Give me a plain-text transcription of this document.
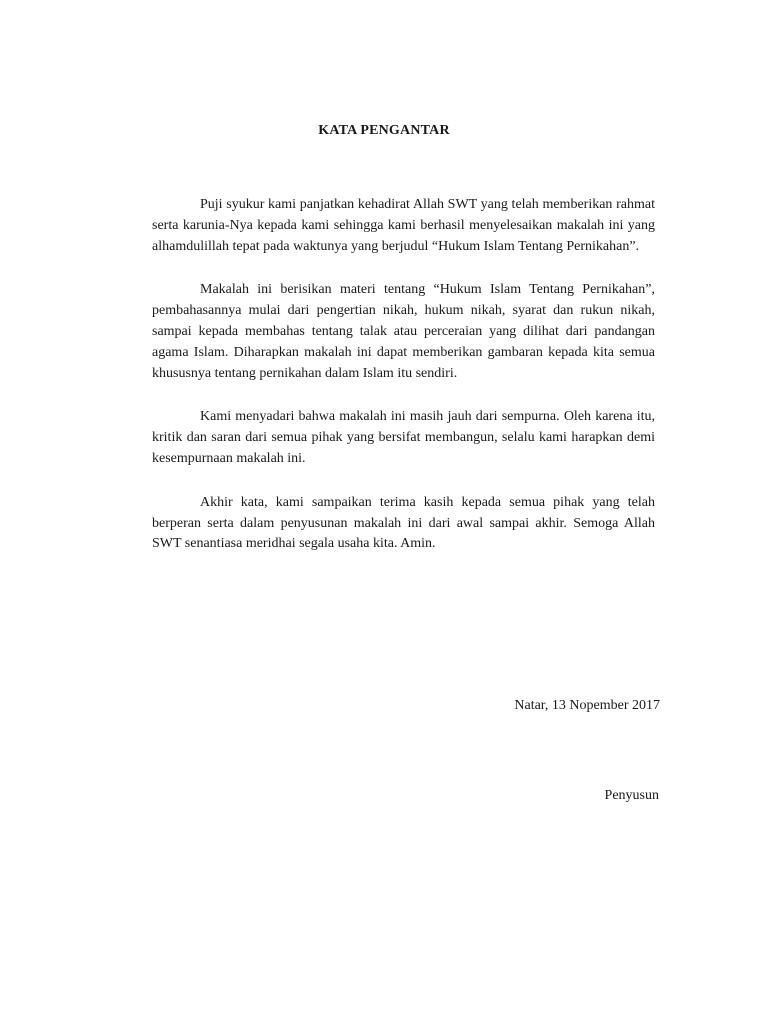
KATA PENGANTAR

Puji syukur kami panjatkan kehadirat Allah SWT yang telah memberikan rahmat serta karunia-Nya kepada kami sehingga kami berhasil menyelesaikan makalah ini yang alhamdulillah tepat pada waktunya yang berjudul “Hukum Islam Tentang Pernikahan”.

Makalah ini berisikan materi tentang “Hukum Islam Tentang Pernikahan”, pembahasannya mulai dari pengertian nikah, hukum nikah, syarat dan rukun nikah, sampai kepada membahas tentang talak atau perceraian yang dilihat dari pandangan agama Islam. Diharapkan makalah ini dapat memberikan gambaran kepada kita semua khususnya tentang pernikahan dalam Islam itu sendiri.

Kami menyadari bahwa makalah ini masih jauh dari sempurna. Oleh karena itu, kritik dan saran dari semua pihak yang bersifat membangun, selalu kami harapkan demi kesempurnaan makalah ini.

Akhir kata, kami sampaikan terima kasih kepada semua pihak yang telah berperan serta dalam penyusunan makalah ini dari awal sampai akhir. Semoga Allah SWT senantiasa meridhai segala usaha kita. Amin.

Natar, 13 Nopember 2017
Penyusun
